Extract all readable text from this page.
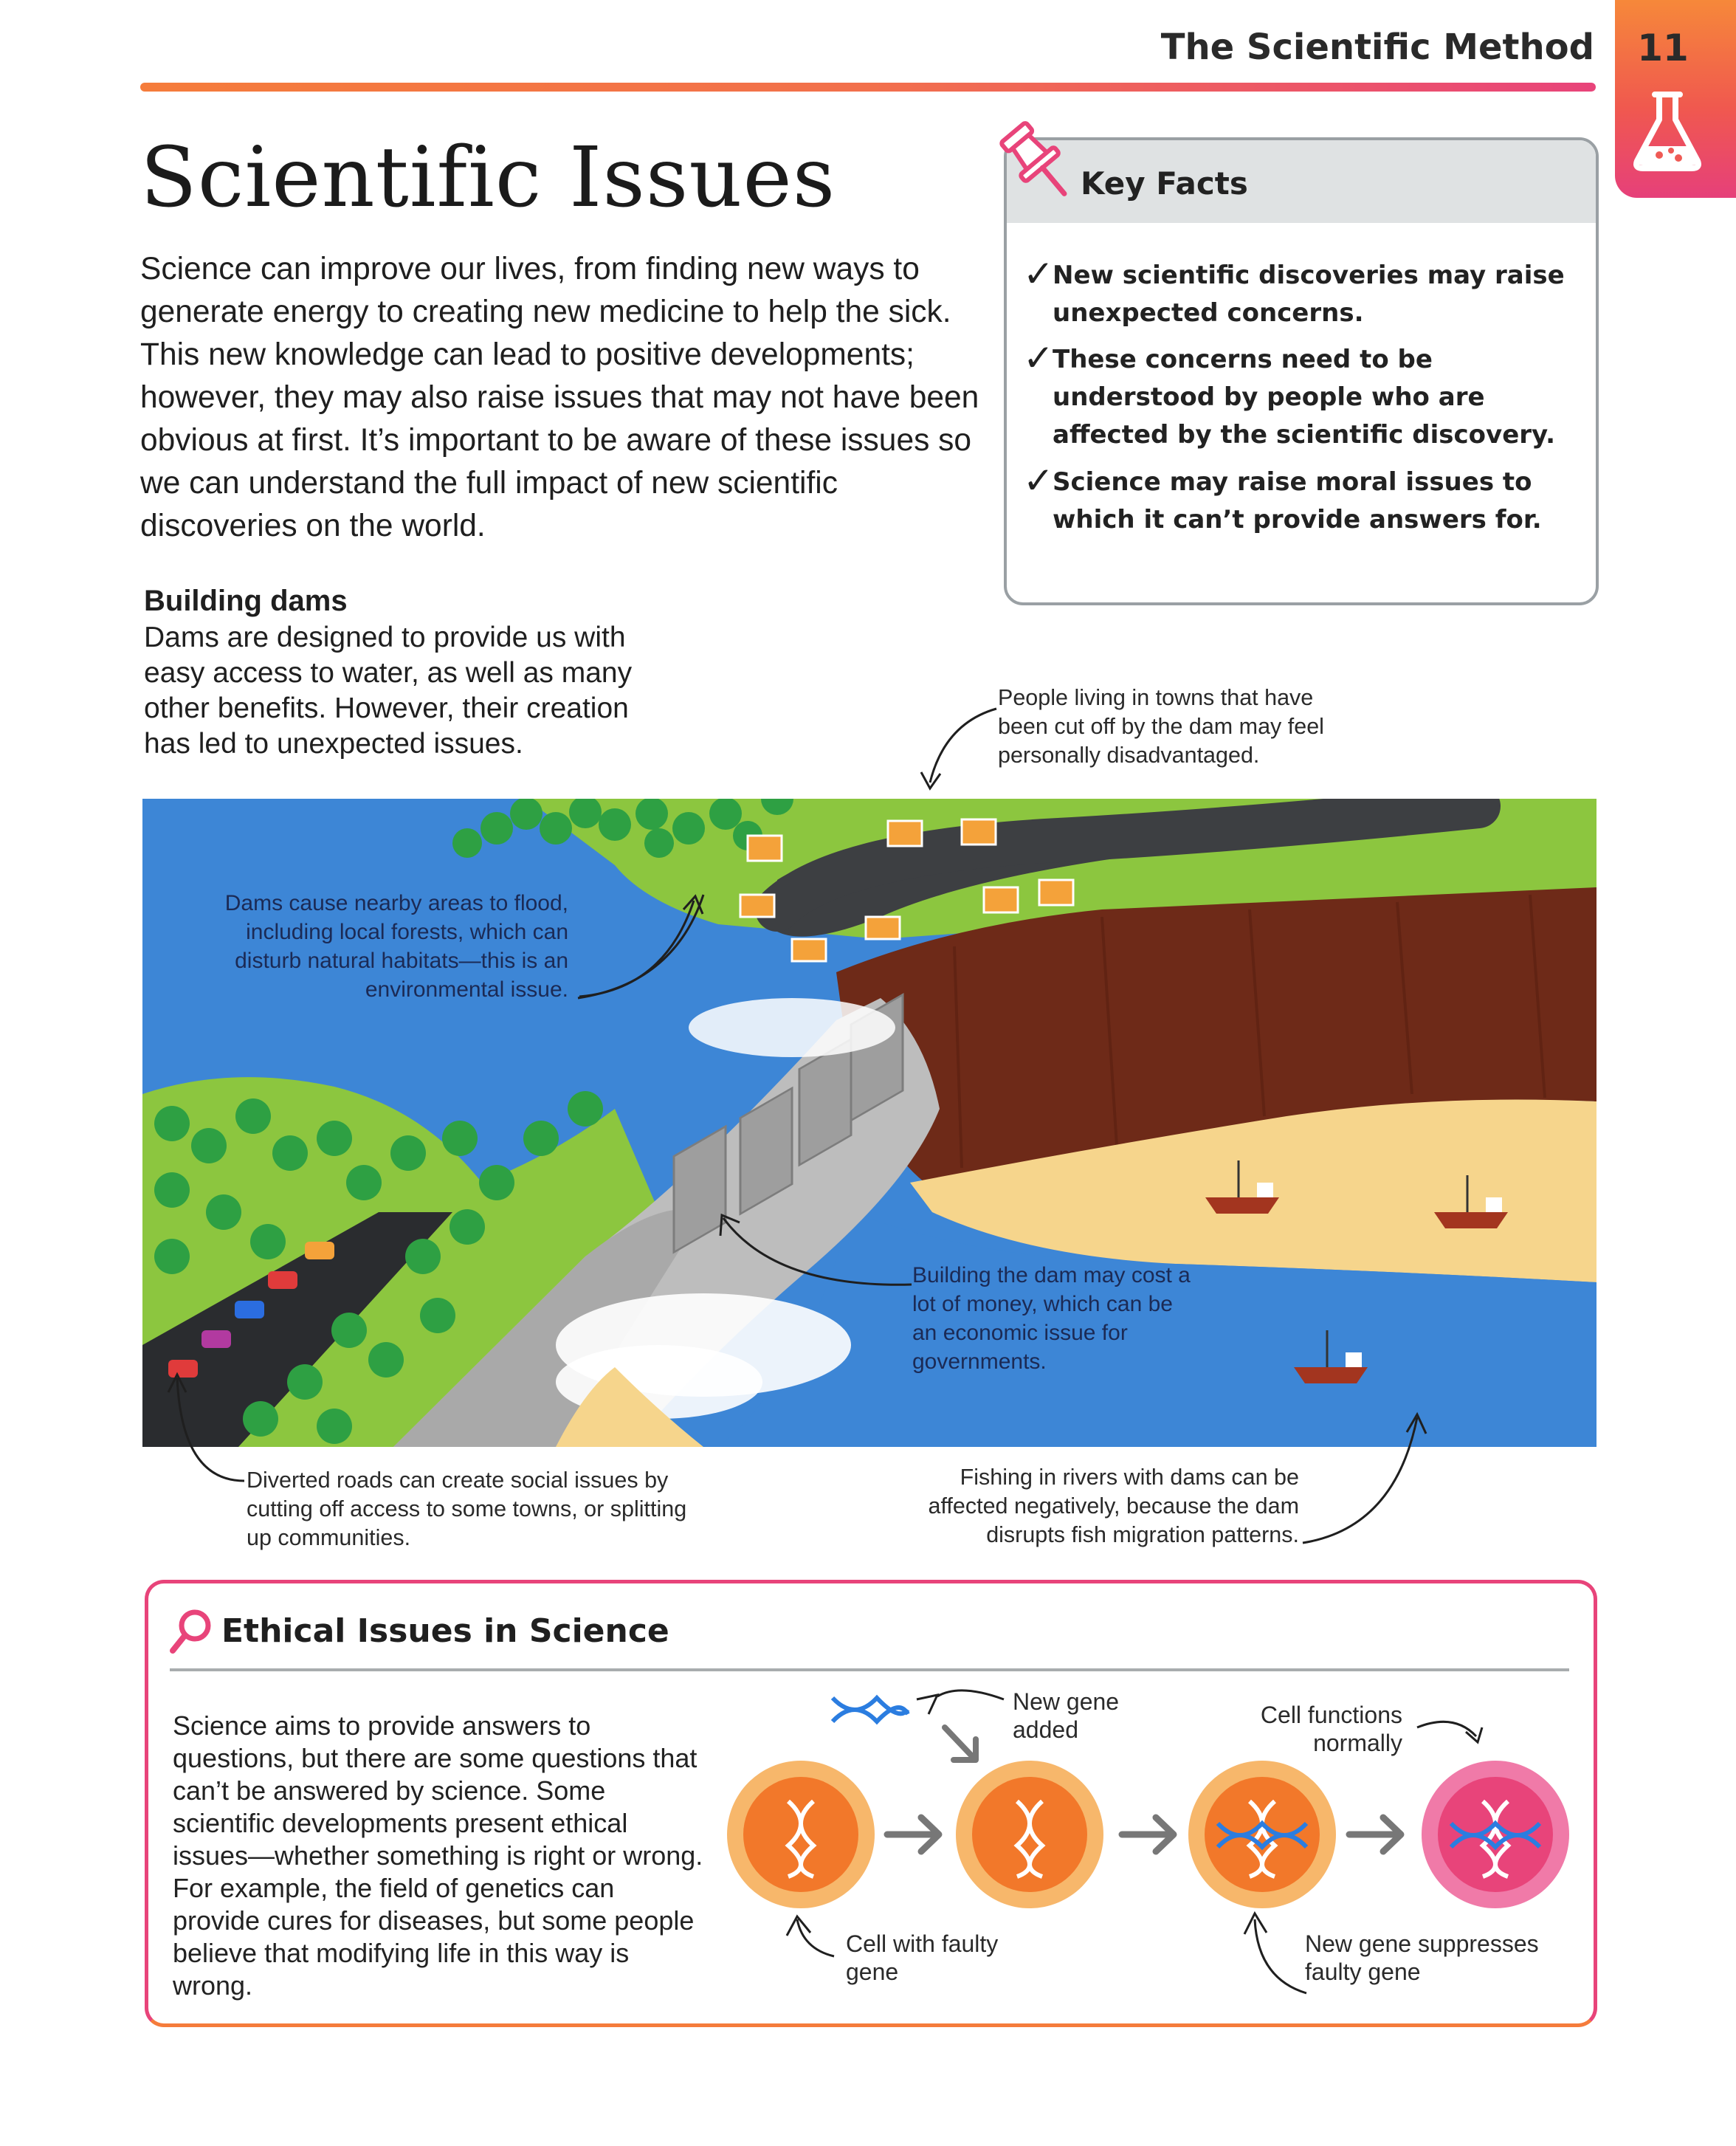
The Scientific Method	11
Scientific Issues
Science can improve our lives, from finding new ways to generate energy to creating new medicine to help the sick. This new knowledge can lead to positive developments; however, they may also raise issues that may not have been obvious at first. It’s important to be aware of these issues so we can understand the full impact of new scientific discoveries on the world.
Key Facts
✓
New scientific discoveries may raise unexpected concerns.
✓
These concerns need to be understood by people who are affected by the scientific discovery.
✓
Science may raise moral issues to which it can’t provide answers for.
Building dams
Dams are designed to provide us with easy access to water, as well as many other benefits. However, their creation has led to unexpected issues.
People living in towns that have been cut off by the dam may feel personally disadvantaged.
Dams cause nearby areas to flood, including local forests, which can disturb natural habitats—this is an environmental issue.
Building the dam may cost a lot of money, which can be an economic issue for governments.
Diverted roads can create social issues by cutting off access to some towns, or splitting up communities.
Fishing in rivers with dams can be affected negatively, because the dam disrupts fish migration patterns.
Ethical Issues in Science
Science aims to provide answers to questions, but there are some questions that can’t be answered by science. Some scientific developments present ethical issues—whether something is right or wrong. For example, the field of genetics can provide cures for diseases, but some people believe that modifying life in this way is wrong.
New gene added
Cell functions normally
Cell with faulty gene
New gene suppresses faulty gene
